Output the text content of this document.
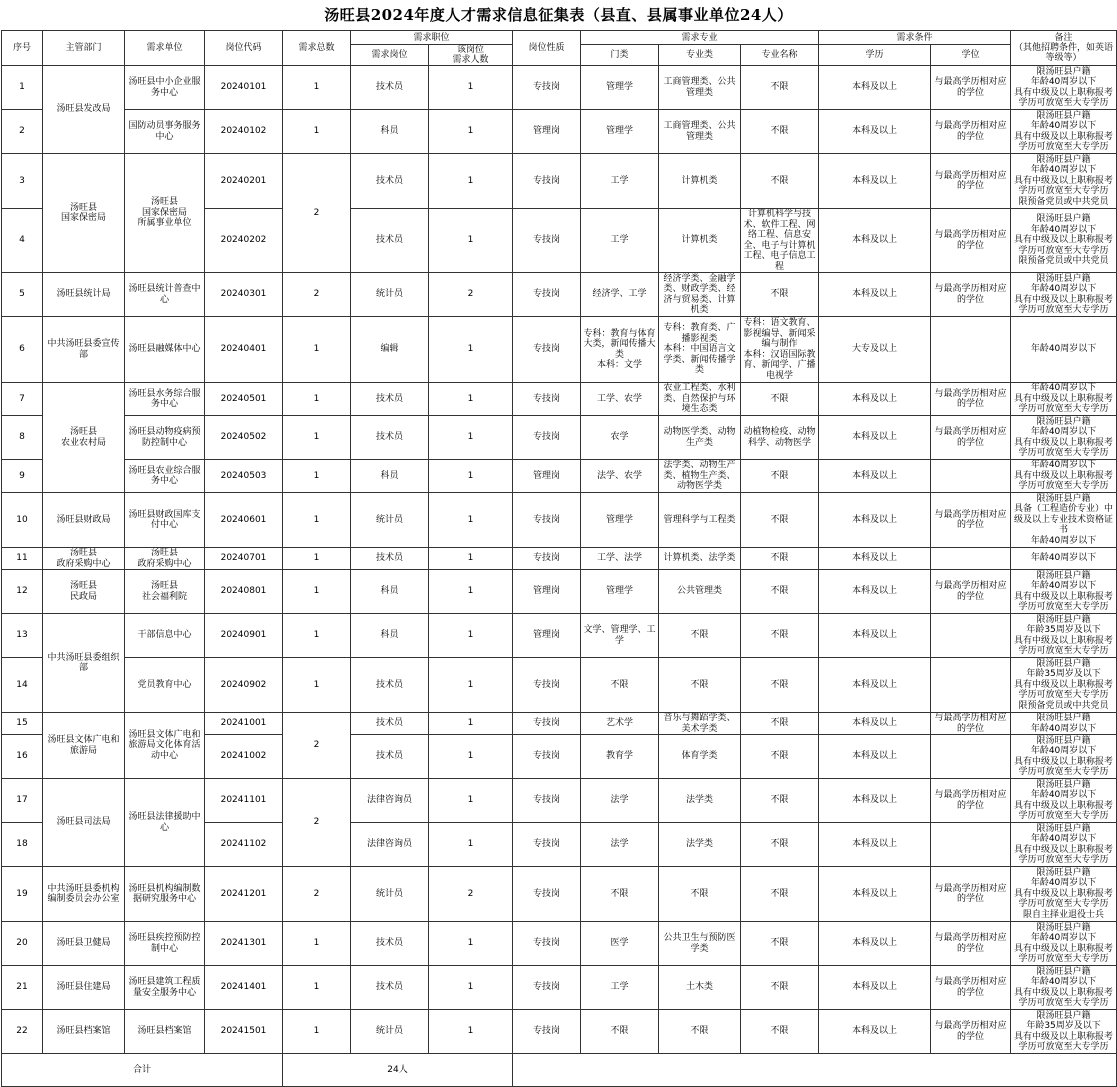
汤旺县2024年度人才需求信息征集表（县直、县属事业单位24人）
序号	主管部门	需求单位	岗位代码	需求总数	需求职位		岗位性质	需求专业			需求条件		备注
（其他招聘条件，如英语等级等）
					需求岗位	该岗位
需求人数		门类	专业类	专业名称	学历	学位	
1	汤旺县发改局	汤旺县中小企业服务中心	20240101	1	技术员	1	专技岗	管理学	工商管理类、公共管理类	不限	本科及以上	与最高学历相对应的学位	限汤旺县户籍
年龄40周岁以下
具有中级及以上职称报考
学历可放宽至大专学历
2		国防动员事务服务中心	20240102	1	科员	1	管理岗	管理学	工商管理类、公共管理类	不限	本科及以上	与最高学历相对应的学位	限汤旺县户籍
年龄40周岁以下
具有中级及以上职称报考
学历可放宽至大专学历
3	汤旺县
国家保密局	汤旺县
国家保密局
所属事业单位	20240201	2	技术员	1	专技岗	工学	计算机类	不限	本科及以上	与最高学历相对应的学位	限汤旺县户籍
年龄40周岁以下
具有中级及以上职称报考
学历可放宽至大专学历
限预备党员或中共党员
4			20240202		技术员	1	专技岗	工学	计算机类	计算机科学与技术、软件工程、网络工程、信息安全、电子与计算机工程、电子信息工程	本科及以上	与最高学历相对应的学位	限汤旺县户籍
年龄40周岁以下
具有中级及以上职称报考
学历可放宽至大专学历
限预备党员或中共党员
5	汤旺县统计局	汤旺县统计普查中心	20240301	2	统计员	2	专技岗	经济学、工学	经济学类、金融学类、财政学类、经济与贸易类、计算机类	不限	本科及以上	与最高学历相对应的学位	限汤旺县户籍
年龄40周岁以下
具有中级及以上职称报考
学历可放宽至大专学历
6	中共汤旺县委宣传部	汤旺县融媒体中心	20240401	1	编辑	1	专技岗	专科：教育与体育大类，新闻传播大类
本科：文学	专科：教育类、广播影视类
本科：中国语言文学类、新闻传播学类	专科：语文教育、影视编导、新闻采编与制作
本科：汉语国际教育、新闻学、广播电视学	大专及以上		年龄40周岁以下
7	汤旺县
农业农村局	汤旺县水务综合服务中心	20240501	1	技术员	1	专技岗	工学、农学	农业工程类、水利类、自然保护与环境生态类	不限	本科及以上	与最高学历相对应的学位	年龄40周岁以下
具有中级及以上职称报考
学历可放宽至大专学历
8		汤旺县动物疫病预防控制中心	20240502	1	技术员	1	专技岗	农学	动物医学类、动物生产类	动植物检疫、动物科学、动物医学	本科及以上	与最高学历相对应的学位	限汤旺县户籍
年龄40周岁以下
具有中级及以上职称报考
学历可放宽至大专学历
9		汤旺县农业综合服务中心	20240503	1	科员	1	管理岗	法学、农学	法学类、动物生产类、植物生产类、动物医学类	不限	本科及以上		年龄40周岁以下
具有中级及以上职称报考
学历可放宽至大专学历
10	汤旺县财政局	汤旺县财政国库支付中心	20240601	1	统计员	1	专技岗	管理学	管理科学与工程类	不限	本科及以上	与最高学历相对应的学位	限汤旺县户籍
具备（工程造价专业）中级及以上专业技术资格证书
年龄40周岁以下
11	汤旺县
政府采购中心	汤旺县
政府采购中心	20240701	1	技术员	1	专技岗	工学、法学	计算机类、法学类	不限	本科及以上		年龄40周岁以下
12	汤旺县
民政局	汤旺县
社会福利院	20240801	1	科员	1	管理岗	管理学	公共管理类	不限	本科及以上	与最高学历相对应的学位	限汤旺县户籍
年龄40周岁以下
具有中级及以上职称报考
学历可放宽至大专学历
13	中共汤旺县委组织部	干部信息中心	20240901	1	科员	1	管理岗	文学、管理学、工学	不限	不限	本科及以上		限汤旺县户籍
年龄35周岁及以下
具有中级及以上职称报考
学历可放宽至大专学历
14		党员教育中心	20240902	1	技术员	1	专技岗	不限	不限	不限	本科及以上		限汤旺县户籍
年龄35周岁及以下
具有中级及以上职称报考
学历可放宽至大专学历
限预备党员或中共党员
15	汤旺县文体广电和旅游局	汤旺县文体广电和旅游局文化体育活动中心	20241001	2	技术员	1	专技岗	艺术学	音乐与舞蹈学类、美术学类	不限	本科及以上	与最高学历相对应的学位	限汤旺县户籍
年龄40周岁以下
16			20241002		技术员	1	专技岗	教育学	体育学类	不限	本科及以上		限汤旺县户籍
年龄40周岁以下
具有中级及以上职称报考
学历可放宽至大专学历
17	汤旺县司法局	汤旺县法律援助中心	20241101	2	法律咨询员	1	专技岗	法学	法学类	不限	本科及以上	与最高学历相对应的学位	限汤旺县户籍
年龄40周岁以下
具有中级及以上职称报考
学历可放宽至大专学历
18			20241102		法律咨询员	1	专技岗	法学	法学类	不限	本科及以上		限汤旺县户籍
年龄40周岁以下
具有中级及以上职称报考
学历可放宽至大专学历
19	中共汤旺县委机构编制委员会办公室	汤旺县机构编制数据研究服务中心	20241201	2	统计员	2	专技岗	不限	不限	不限	本科及以上	与最高学历相对应的学位	限汤旺县户籍
年龄40周岁以下
具有中级及以上职称报考
学历可放宽至大专学历
限自主择业退役士兵
20	汤旺县卫健局	汤旺县疾控预防控制中心	20241301	1	技术员	1	专技岗	医学	公共卫生与预防医学类	不限	本科及以上	与最高学历相对应的学位	限汤旺县户籍
年龄40周岁以下
具有中级及以上职称报考
学历可放宽至大专学历
21	汤旺县住建局	汤旺县建筑工程质量安全服务中心	20241401	1	技术员	1	专技岗	工学	土木类	不限	本科及以上	与最高学历相对应的学位	限汤旺县户籍
年龄40周岁以下
具有中级及以上职称报考
学历可放宽至大专学历
22	汤旺县档案馆	汤旺县档案馆	20241501	1	统计员	1	专技岗	不限	不限	不限	本科及以上	与最高学历相对应的学位	限汤旺县户籍
年龄35周岁及以下
具有中级及以上职称报考
学历可放宽至大专学历
合计				24人									
